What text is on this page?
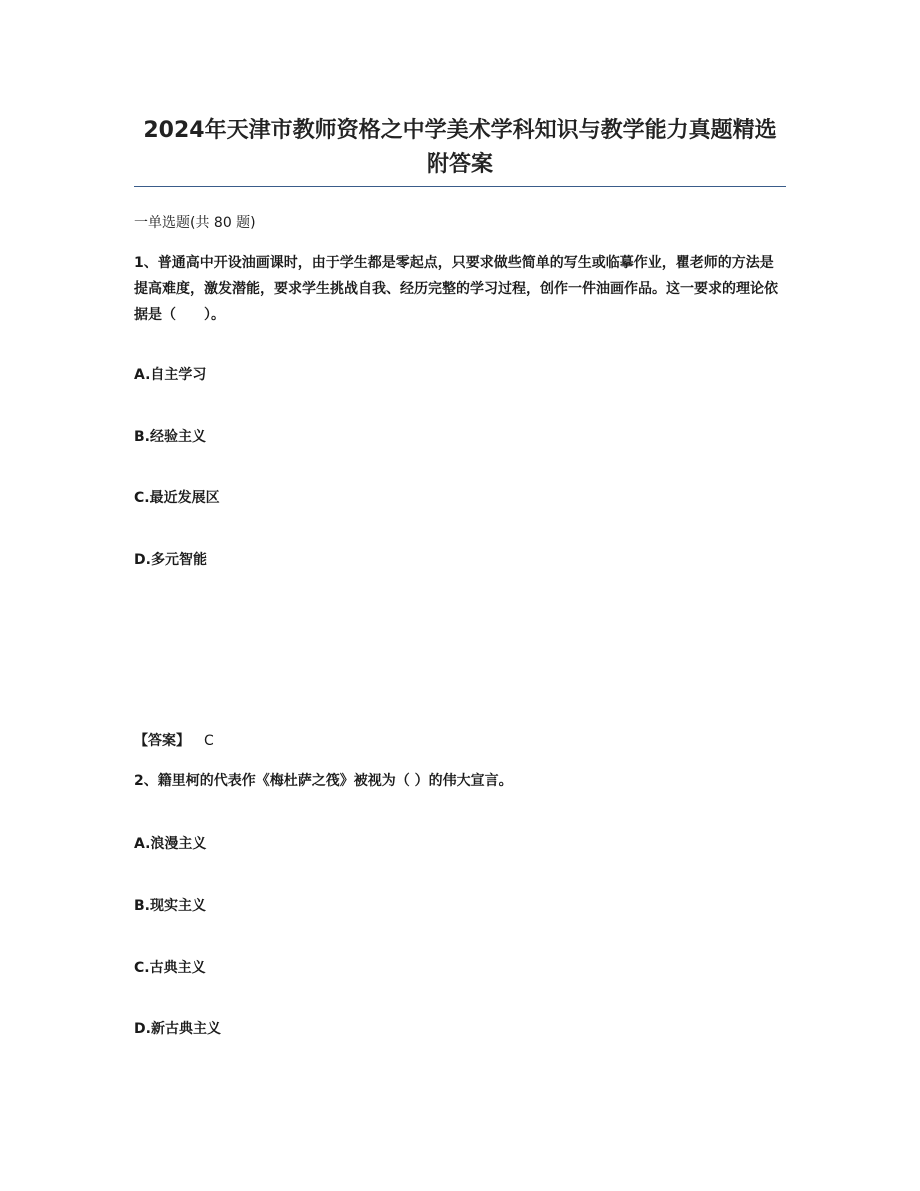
2024年天津市教师资格之中学美术学科知识与教学能力真题精选附答案
一单选题(共 80 题)

1、普通高中开设油画课时，由于学生都是零起点，只要求做些简单的写生或临摹作业，瞿老师的方法是提高难度，激发潜能，要求学生挑战自我、经历完整的学习过程，创作一件油画作品。这一要求的理论依据是（　　）。

A.自主学习
B.经验主义
C.最近发展区
D.多元智能
【答案】 C

2、籍里柯的代表作《梅杜萨之筏》被视为（ ）的伟大宣言。

A.浪漫主义
B.现实主义
C.古典主义
D.新古典主义
